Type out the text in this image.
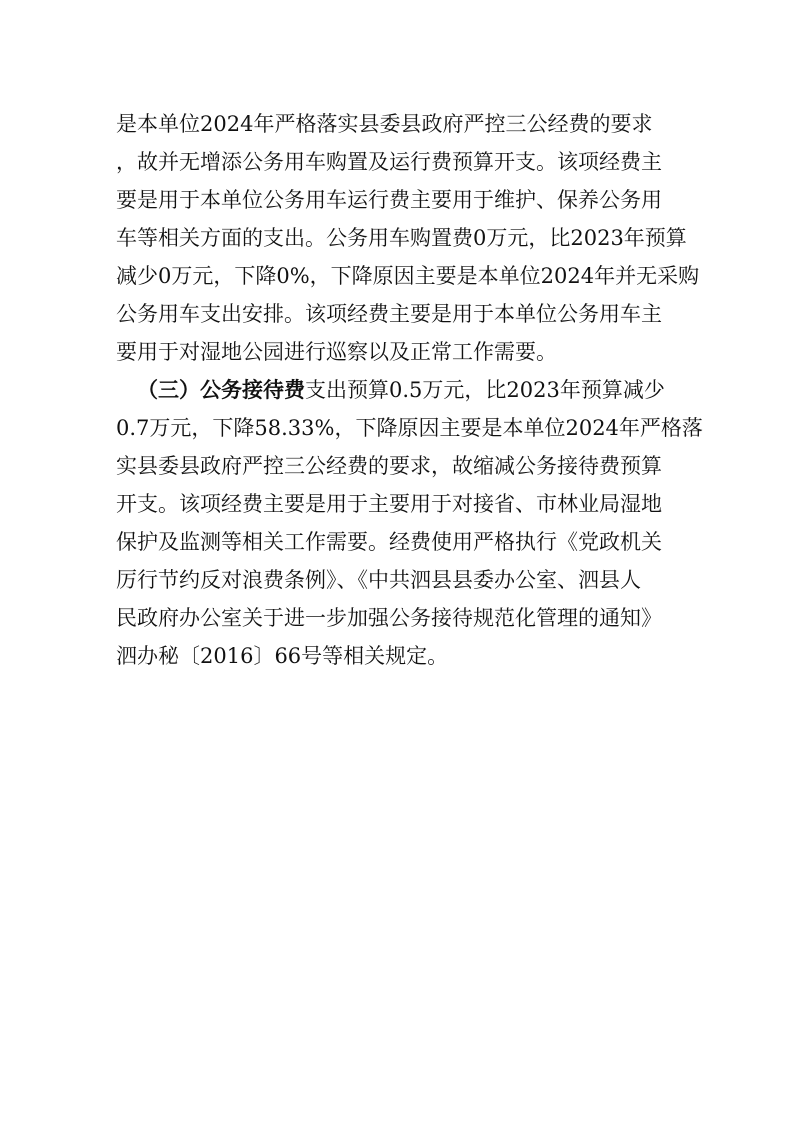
是本单位2024年严格落实县委县政府严控三公经费的要求
，故并无增添公务用车购置及运行费预算开支。该项经费主
要是用于本单位公务用车运行费主要用于维护、保养公务用
车等相关方面的支出。公务用车购置费0万元，比2023年预算
减少0万元，下降0%，下降原因主要是本单位2024年并无采购
公务用车支出安排。该项经费主要是用于本单位公务用车主
要用于对湿地公园进行巡察以及正常工作需要。
（三）公务接待费支出预算0.5万元，比2023年预算减少
0.7万元，下降58.33%，下降原因主要是本单位2024年严格落
实县委县政府严控三公经费的要求，故缩减公务接待费预算
开支。该项经费主要是用于主要用于对接省、市林业局湿地
保护及监测等相关工作需要。经费使用严格执行《党政机关
厉行节约反对浪费条例》、《中共泗县县委办公室、泗县人
民政府办公室关于进一步加强公务接待规范化管理的通知》
泗办秘〔2016〕66号等相关规定。
